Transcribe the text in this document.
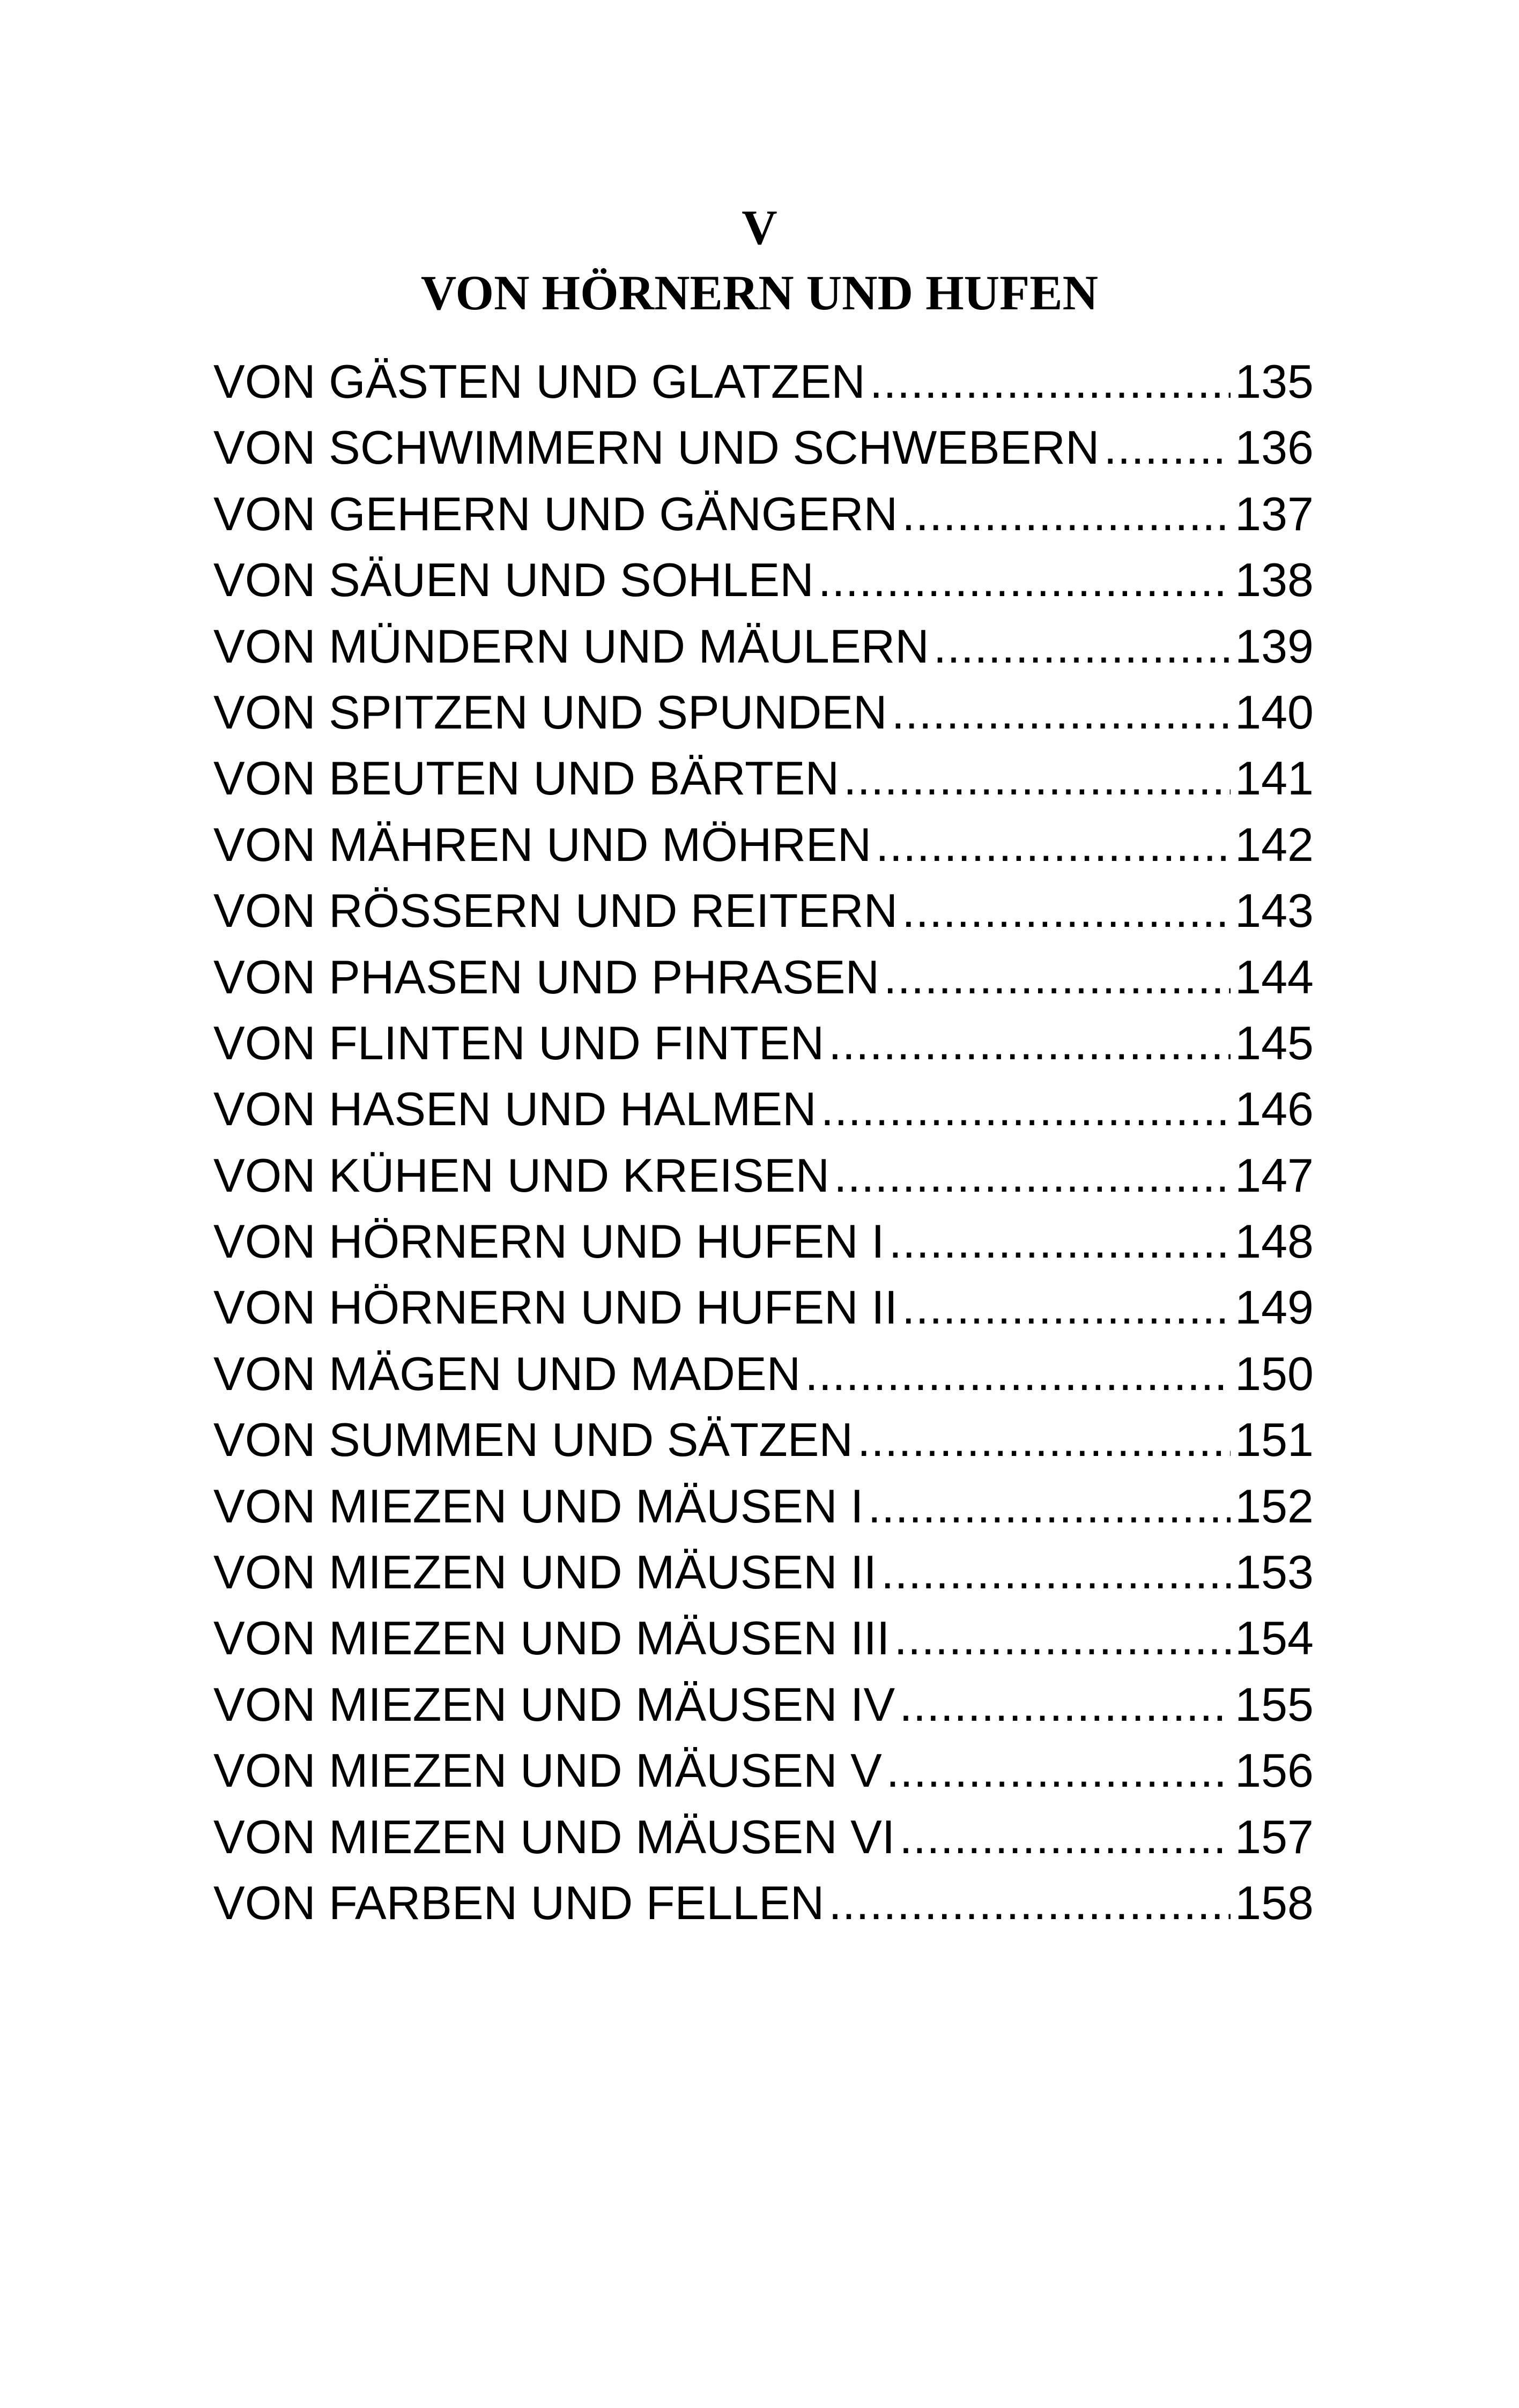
V
VON HÖRNERN UND HUFEN
VON GÄSTEN UND GLATZEN .....	135
VON SCHWIMMERN UND SCHWEBERN .....	136
VON GEHERN UND GÄNGERN .....	137
VON SÄUEN UND SOHLEN .....	138
VON MÜNDERN UND MÄULERN .....	139
VON SPITZEN UND SPUNDEN .....	140
VON BEUTEN UND BÄRTEN .....	141
VON MÄHREN UND MÖHREN .....	142
VON RÖSSERN UND REITERN .....	143
VON PHASEN UND PHRASEN .....	144
VON FLINTEN UND FINTEN .....	145
VON HASEN UND HALMEN .....	146
VON KÜHEN UND KREISEN .....	147
VON HÖRNERN UND HUFEN I .....	148
VON HÖRNERN UND HUFEN II .....	149
VON MÄGEN UND MADEN .....	150
VON SUMMEN UND SÄTZEN .....	151
VON MIEZEN UND MÄUSEN I .....	152
VON MIEZEN UND MÄUSEN II .....	153
VON MIEZEN UND MÄUSEN III .....	154
VON MIEZEN UND MÄUSEN IV .....	155
VON MIEZEN UND MÄUSEN V .....	156
VON MIEZEN UND MÄUSEN VI .....	157
VON FARBEN UND FELLEN .....	158
